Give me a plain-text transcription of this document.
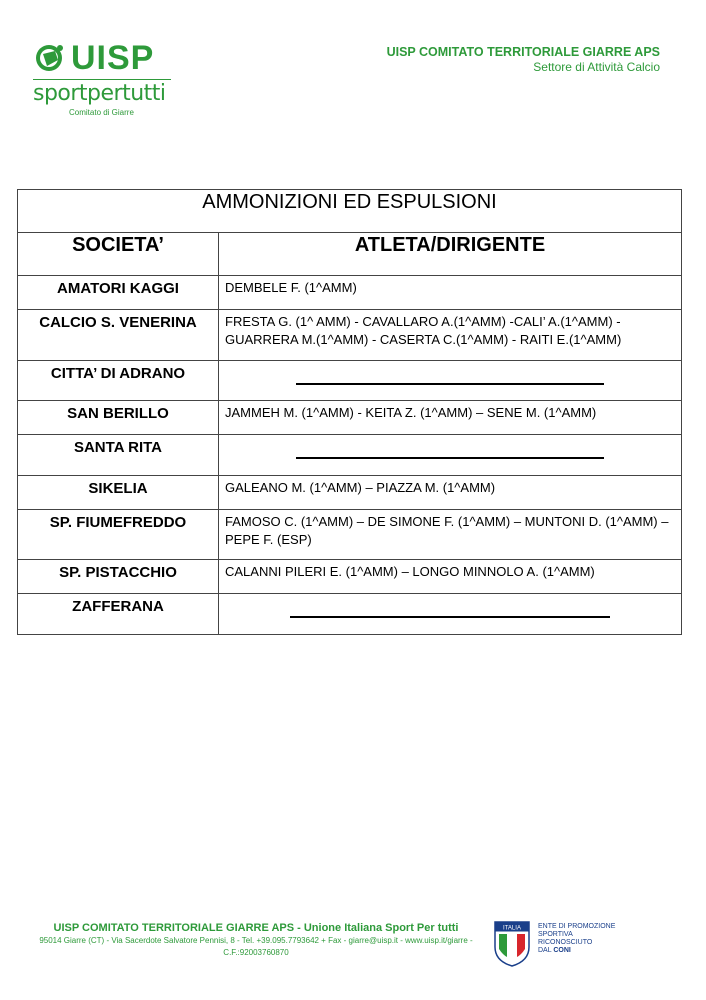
UISP
sportpertutti
Comitato di Giarre
UISP COMITATO TERRITORIALE GIARRE APS
Settore di Attività Calcio
AMMONIZIONI ED ESPULSIONI	
SOCIETA’	ATLETA/DIRIGENTE
AMATORI KAGGI	DEMBELE F. (1^AMM)
CALCIO S. VENERINA	FRESTA G. (1^ AMM) - CAVALLARO A.(1^AMM) -CALI’ A.(1^AMM) - GUARRERA M.(1^AMM) - CASERTA C.(1^AMM) - RAITI E.(1^AMM)
CITTA’ DI ADRANO	

SAN BERILLO	JAMMEH M. (1^AMM) - KEITA Z. (1^AMM) – SENE M. (1^AMM)
SANTA RITA	

SIKELIA	GALEANO M. (1^AMM) – PIAZZA M. (1^AMM)
SP. FIUMEFREDDO	FAMOSO C. (1^AMM) – DE SIMONE F. (1^AMM) – MUNTONI D. (1^AMM) – PEPE F. (ESP)
SP. PISTACCHIO	CALANNI PILERI E. (1^AMM) – LONGO MINNOLO A. (1^AMM)
ZAFFERANA	
UISP COMITATO TERRITORIALE GIARRE APS - Unione Italiana Sport Per tutti
95014 Giarre (CT) - Via Sacerdote Salvatore Pennisi, 8 - Tel. +39.095.7793642 + Fax - giarre@uisp.it - www.uisp.it/giarre - C.F.:92003760870
ITALIA ENTE DI PROMOZIONE
SPORTIVA
RICONOSCIUTO
DAL CONI
